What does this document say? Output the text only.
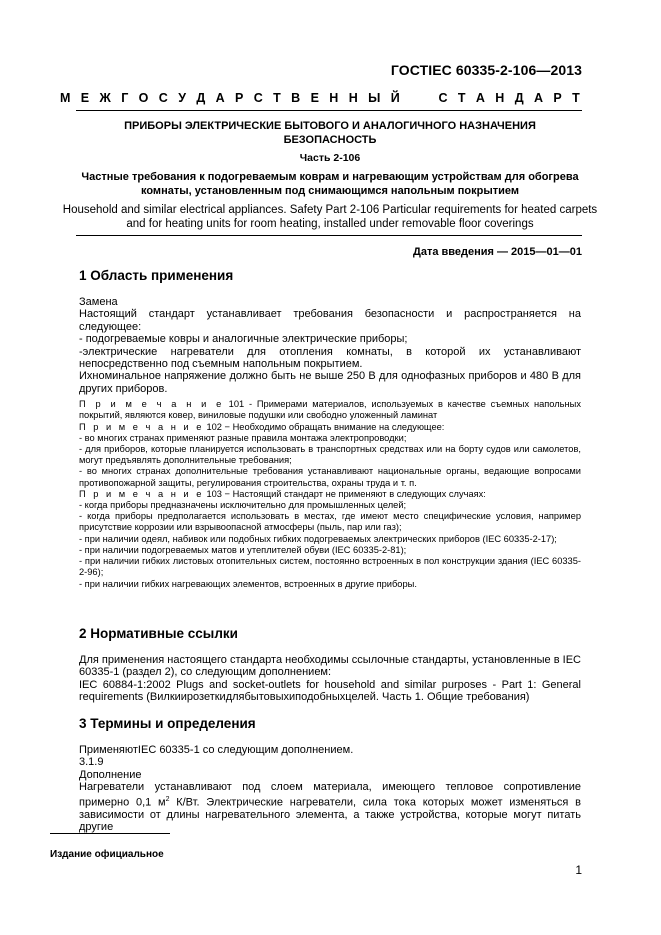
ГОСТIEC 60335-2-106—2013
М Е Ж Г О С У Д А Р С Т В Е Н Н Ы Й	С Т А Н Д А Р Т
ПРИБОРЫ ЭЛЕКТРИЧЕСКИЕ БЫТОВОГО И АНАЛОГИЧНОГО НАЗНАЧЕНИЯ
БЕЗОПАСНОСТЬ
Часть 2-106
Частные требования к подогреваемым коврам и нагревающим устройствам для обогрева
комнаты, установленным под снимающимся напольным покрытием
Household and similar electrical appliances. Safety Part 2-106 Particular requirements for heated carpets
and for heating units for room heating, installed under removable floor coverings
Дата введения — 2015—01—01
1 Область применения

Замена

Настоящий стандарт устанавливает требования безопасности и распространяется на следующее:

- подогреваемые ковры и аналогичные электрические приборы;

-электрические нагреватели для отопления комнаты, в которой их устанавливают непосредственно под съемным напольным покрытием.

Ихноминальное напряжение должно быть не выше 250 В для однофазных приборов и 480 В для других приборов.

П р и м е ч а н и е 101 - Примерами материалов, используемых в качестве съемных напольных покрытий, являются ковер, виниловые подушки или свободно уложенный ламинат

П р и м е ч а н и е 102 − Необходимо обращать внимание на следующее:

- во многих странах применяют разные правила монтажа электропроводки;

- для приборов, которые планируется использовать в транспортных средствах или на борту судов или самолетов, могут предъявлять дополнительные требования;

- во многих странах дополнительные требования устанавливают национальные органы, ведающие вопросами противопожарной защиты, регулирования строительства, охраны труда и т. п.

П р и м е ч а н и е 103 − Настоящий стандарт не применяют в следующих случаях:

- когда приборы предназначены исключительно для промышленных целей;

- когда приборы предполагается использовать в местах, где имеют место специфические условия, например присутствие коррозии или взрывоопасной атмосферы (пыль, пар или газ);

- при наличии одеял, набивок или подобных гибких подогреваемых электрических приборов (IEC 60335-2-17);

- при наличии подогреваемых матов и утеплителей обуви (IEC 60335-2-81);

- при наличии гибких листовых отопительных систем, постоянно встроенных в пол конструкции здания (IEC 60335-2-96);

- при наличии гибких нагревающих элементов, встроенных в другие приборы.

2 Нормативные ссылки

Для применения настоящего стандарта необходимы ссылочные стандарты, установленные в IEC 60335-1 (раздел 2), со следующим дополнением:

IEC 60884-1:2002 Plugs and socket-outlets for household and similar purposes - Part 1: General requirements (Вилкиирозеткидлябытовыхиподобныхцелей. Часть 1. Общие требования)

3 Термины и определения

ПрименяютIEC 60335-1 со следующим дополнением.

3.1.9

Дополнение

Нагреватели устанавливают под слоем материала, имеющего тепловое сопротивление примерно 0,1 $м^2$ К/Вт. Электрические нагреватели, сила тока которых может изменяться в зависимости от длины нагревательного элемента, а также устройства, которые могут питать другие

Издание официальное
1
